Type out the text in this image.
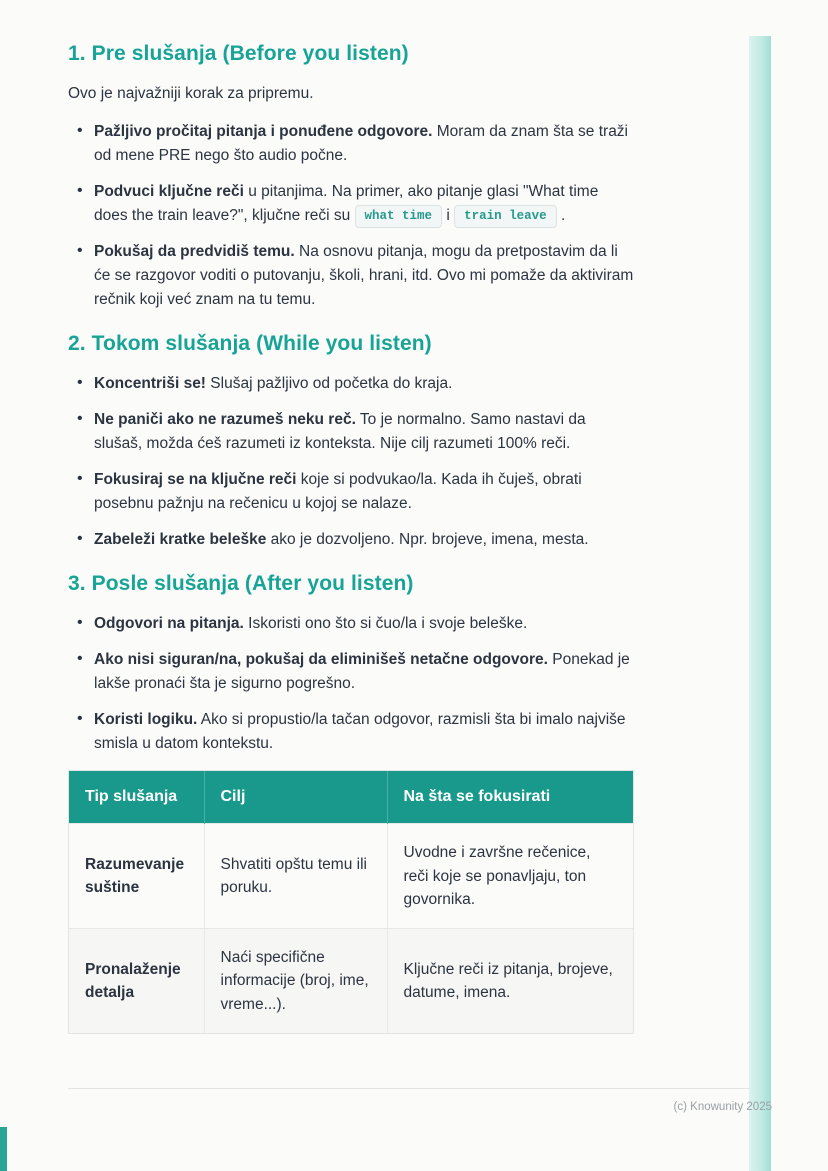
1. Pre slušanja (Before you listen)

Ovo je najvažniji korak za pripremu.

• Pažljivo pročitaj pitanja i ponuđene odgovore. Moram da znam šta se traži od mene PRE nego što audio počne.
• Podvuci ključne reči u pitanjima. Na primer, ako pitanje glasi "What time does the train leave?", ključne reči su what time i train leave .
• Pokušaj da predvidiš temu. Na osnovu pitanja, mogu da pretpostavim da li će se razgovor voditi o putovanju, školi, hrani, itd. Ovo mi pomaže da aktiviram rečnik koji već znam na tu temu.
2. Tokom slušanja (While you listen)
• Koncentriši se! Slušaj pažljivo od početka do kraja.
• Ne paniči ako ne razumeš neku reč. To je normalno. Samo nastavi da slušaš, možda ćeš razumeti iz konteksta. Nije cilj razumeti 100% reči.
• Fokusiraj se na ključne reči koje si podvukao/la. Kada ih čuješ, obrati posebnu pažnju na rečenicu u kojoj se nalaze.
• Zabeleži kratke beleške ako je dozvoljeno. Npr. brojeve, imena, mesta.
3. Posle slušanja (After you listen)
• Odgovori na pitanja. Iskoristi ono što si čuo/la i svoje beleške.
• Ako nisi siguran/na, pokušaj da eliminišeš netačne odgovore. Ponekad je lakše pronaći šta je sigurno pogrešno.
• Koristi logiku. Ako si propustio/la tačan odgovor, razmisli šta bi imalo najviše smisla u datom kontekstu.
Tip slušanja	Cilj	Na šta se fokusirati
Razumevanje suštine	Shvatiti opštu temu ili poruku.	Uvodne i završne rečenice, reči koje se ponavljaju, ton govornika.
Pronalaženje detalja	Naći specifične informacije (broj, ime, vreme...).	Ključne reči iz pitanja, brojeve, datume, imena.
(c) Knowunity 2025
